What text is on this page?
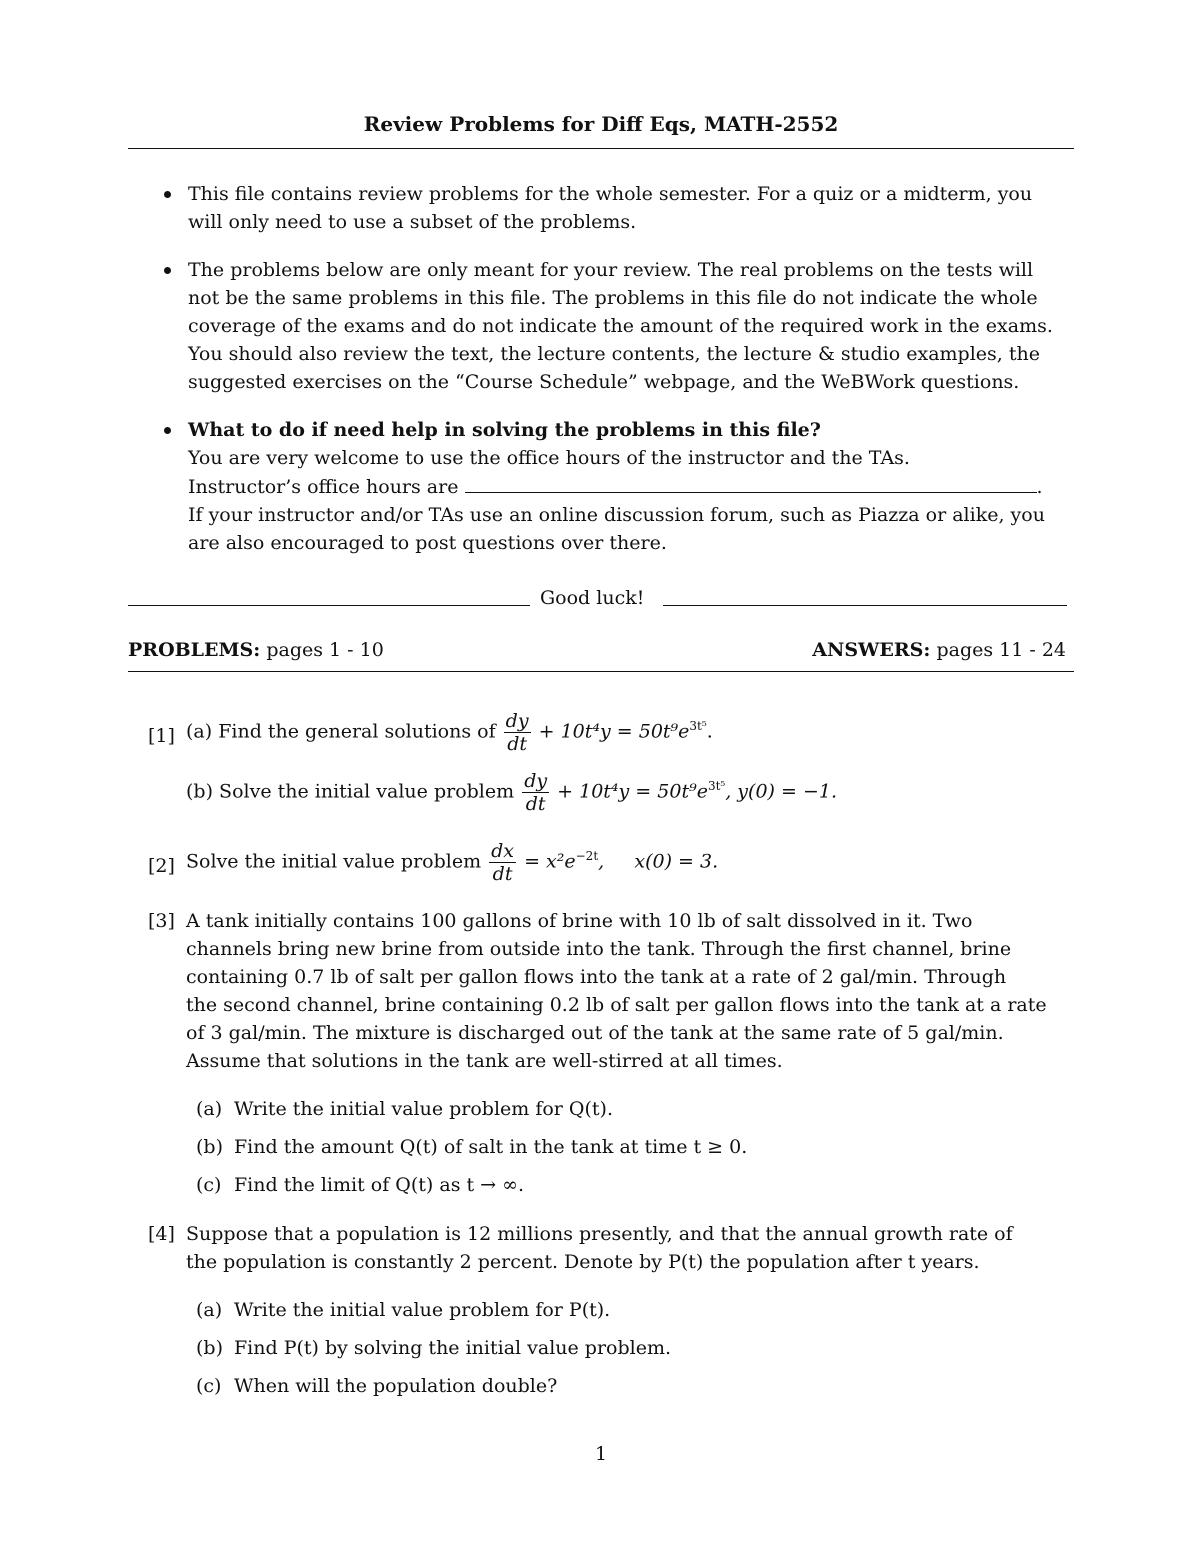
Review Problems for Diff Eqs, MATH-2552
This file contains review problems for the whole semester. For a quiz or a midterm, you
will only need to use a subset of the problems.
The problems below are only meant for your review. The real problems on the tests will
not be the same problems in this file. The problems in this file do not indicate the whole
coverage of the exams and do not indicate the amount of the required work in the exams.
You should also review the text, the lecture contents, the lecture & studio examples, the
suggested exercises on the “Course Schedule” webpage, and the WeBWork questions.
What to do if need help in solving the problems in this file?
You are very welcome to use the office hours of the instructor and the TAs.
Instructor’s office hours are	.
If your instructor and/or TAs use an online discussion forum, such as Piazza or alike, you
are also encouraged to post questions over there.
Good luck!
PROBLEMS: pages 1 - 10	ANSWERS: pages 11 - 24
[1] (a) Find the general solutions of $\frac{dy}{dt} + 10t^4y = 50t^9e^{3t^5}$.
(b) Solve the initial value problem $\frac{dy}{dt} + 10t^4y = 50t^9e^{3t^5}$, y(0) = −1.
[2] Solve the initial value problem $\frac{dx}{dt} = x^2e^{-2t}$,     x(0) = 3.
[3] A tank initially contains 100 gallons of brine with 10 lb of salt dissolved in it. Two
channels bring new brine from outside into the tank. Through the first channel, brine
containing 0.7 lb of salt per gallon flows into the tank at a rate of 2 gal/min. Through
the second channel, brine containing 0.2 lb of salt per gallon flows into the tank at a rate
of 3 gal/min. The mixture is discharged out of the tank at the same rate of 5 gal/min.
Assume that solutions in the tank are well-stirred at all times.
(a) Write the initial value problem for Q(t).
(b) Find the amount Q(t) of salt in the tank at time t ≥ 0.
(c) Find the limit of Q(t) as t → ∞.
[4] Suppose that a population is 12 millions presently, and that the annual growth rate of
the population is constantly 2 percent. Denote by P(t) the population after t years.
(a) Write the initial value problem for P(t).
(b) Find P(t) by solving the initial value problem.
(c) When will the population double?
1
